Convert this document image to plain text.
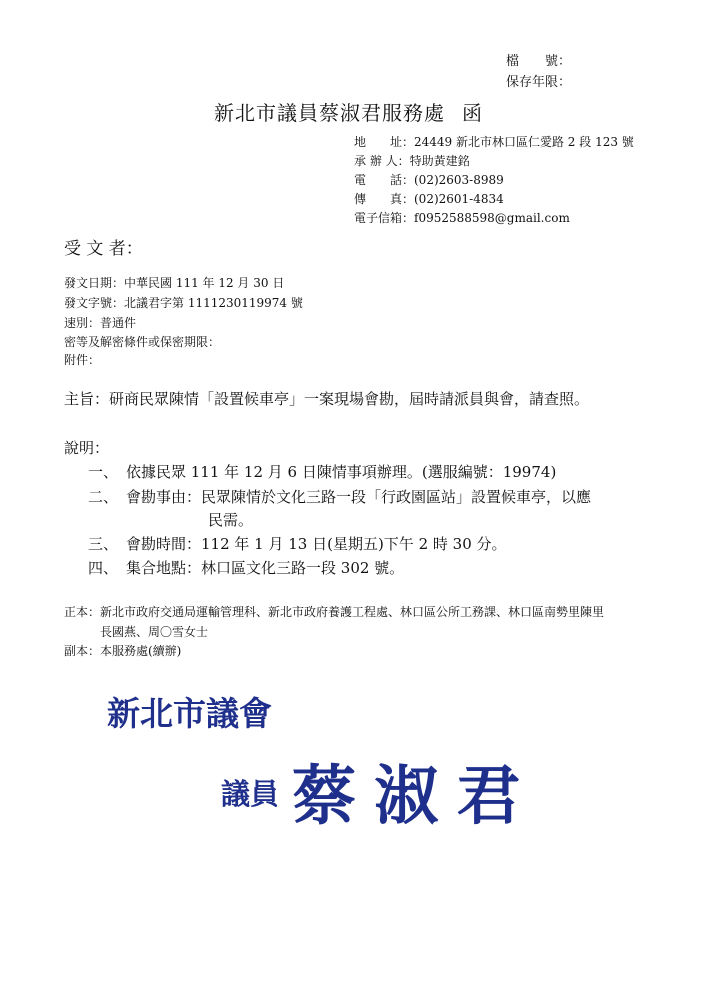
檔　　號：
保存年限：
新北市議員蔡淑君服務處 函
地　　址：24449 新北市林口區仁愛路 2 段 123 號
承 辦 人：特助黃建銘
電　　話：(02)2603-8989
傳　　真：(02)2601-4834
電子信箱：f0952588598@gmail.com
受 文 者：
發文日期：中華民國 111 年 12 月 30 日
發文字號：北議君字第 1111230119974 號
速別：普通件
密等及解密條件或保密期限：
附件：
主旨：研商民眾陳情「設置候車亭」一案現場會勘，屆時請派員與會，請查照。
說明：
一、 依據民眾 111 年 12 月 6 日陳情事項辦理。(選服編號：19974)
二、 會勘事由：民眾陳情於文化三路一段「行政園區站」設置候車亭，以應
民需。
三、 會勘時間：112 年 1 月 13 日(星期五)下午 2 時 30 分。
四、 集合地點：林口區文化三路一段 302 號。
正本：新北市政府交通局運輸管理科、新北市政府養護工程處、林口區公所工務課、林口區南勢里陳里
長國燕、周〇雪女士
副本：本服務處(續辦)
新北市議會
議員 蔡 淑 君
